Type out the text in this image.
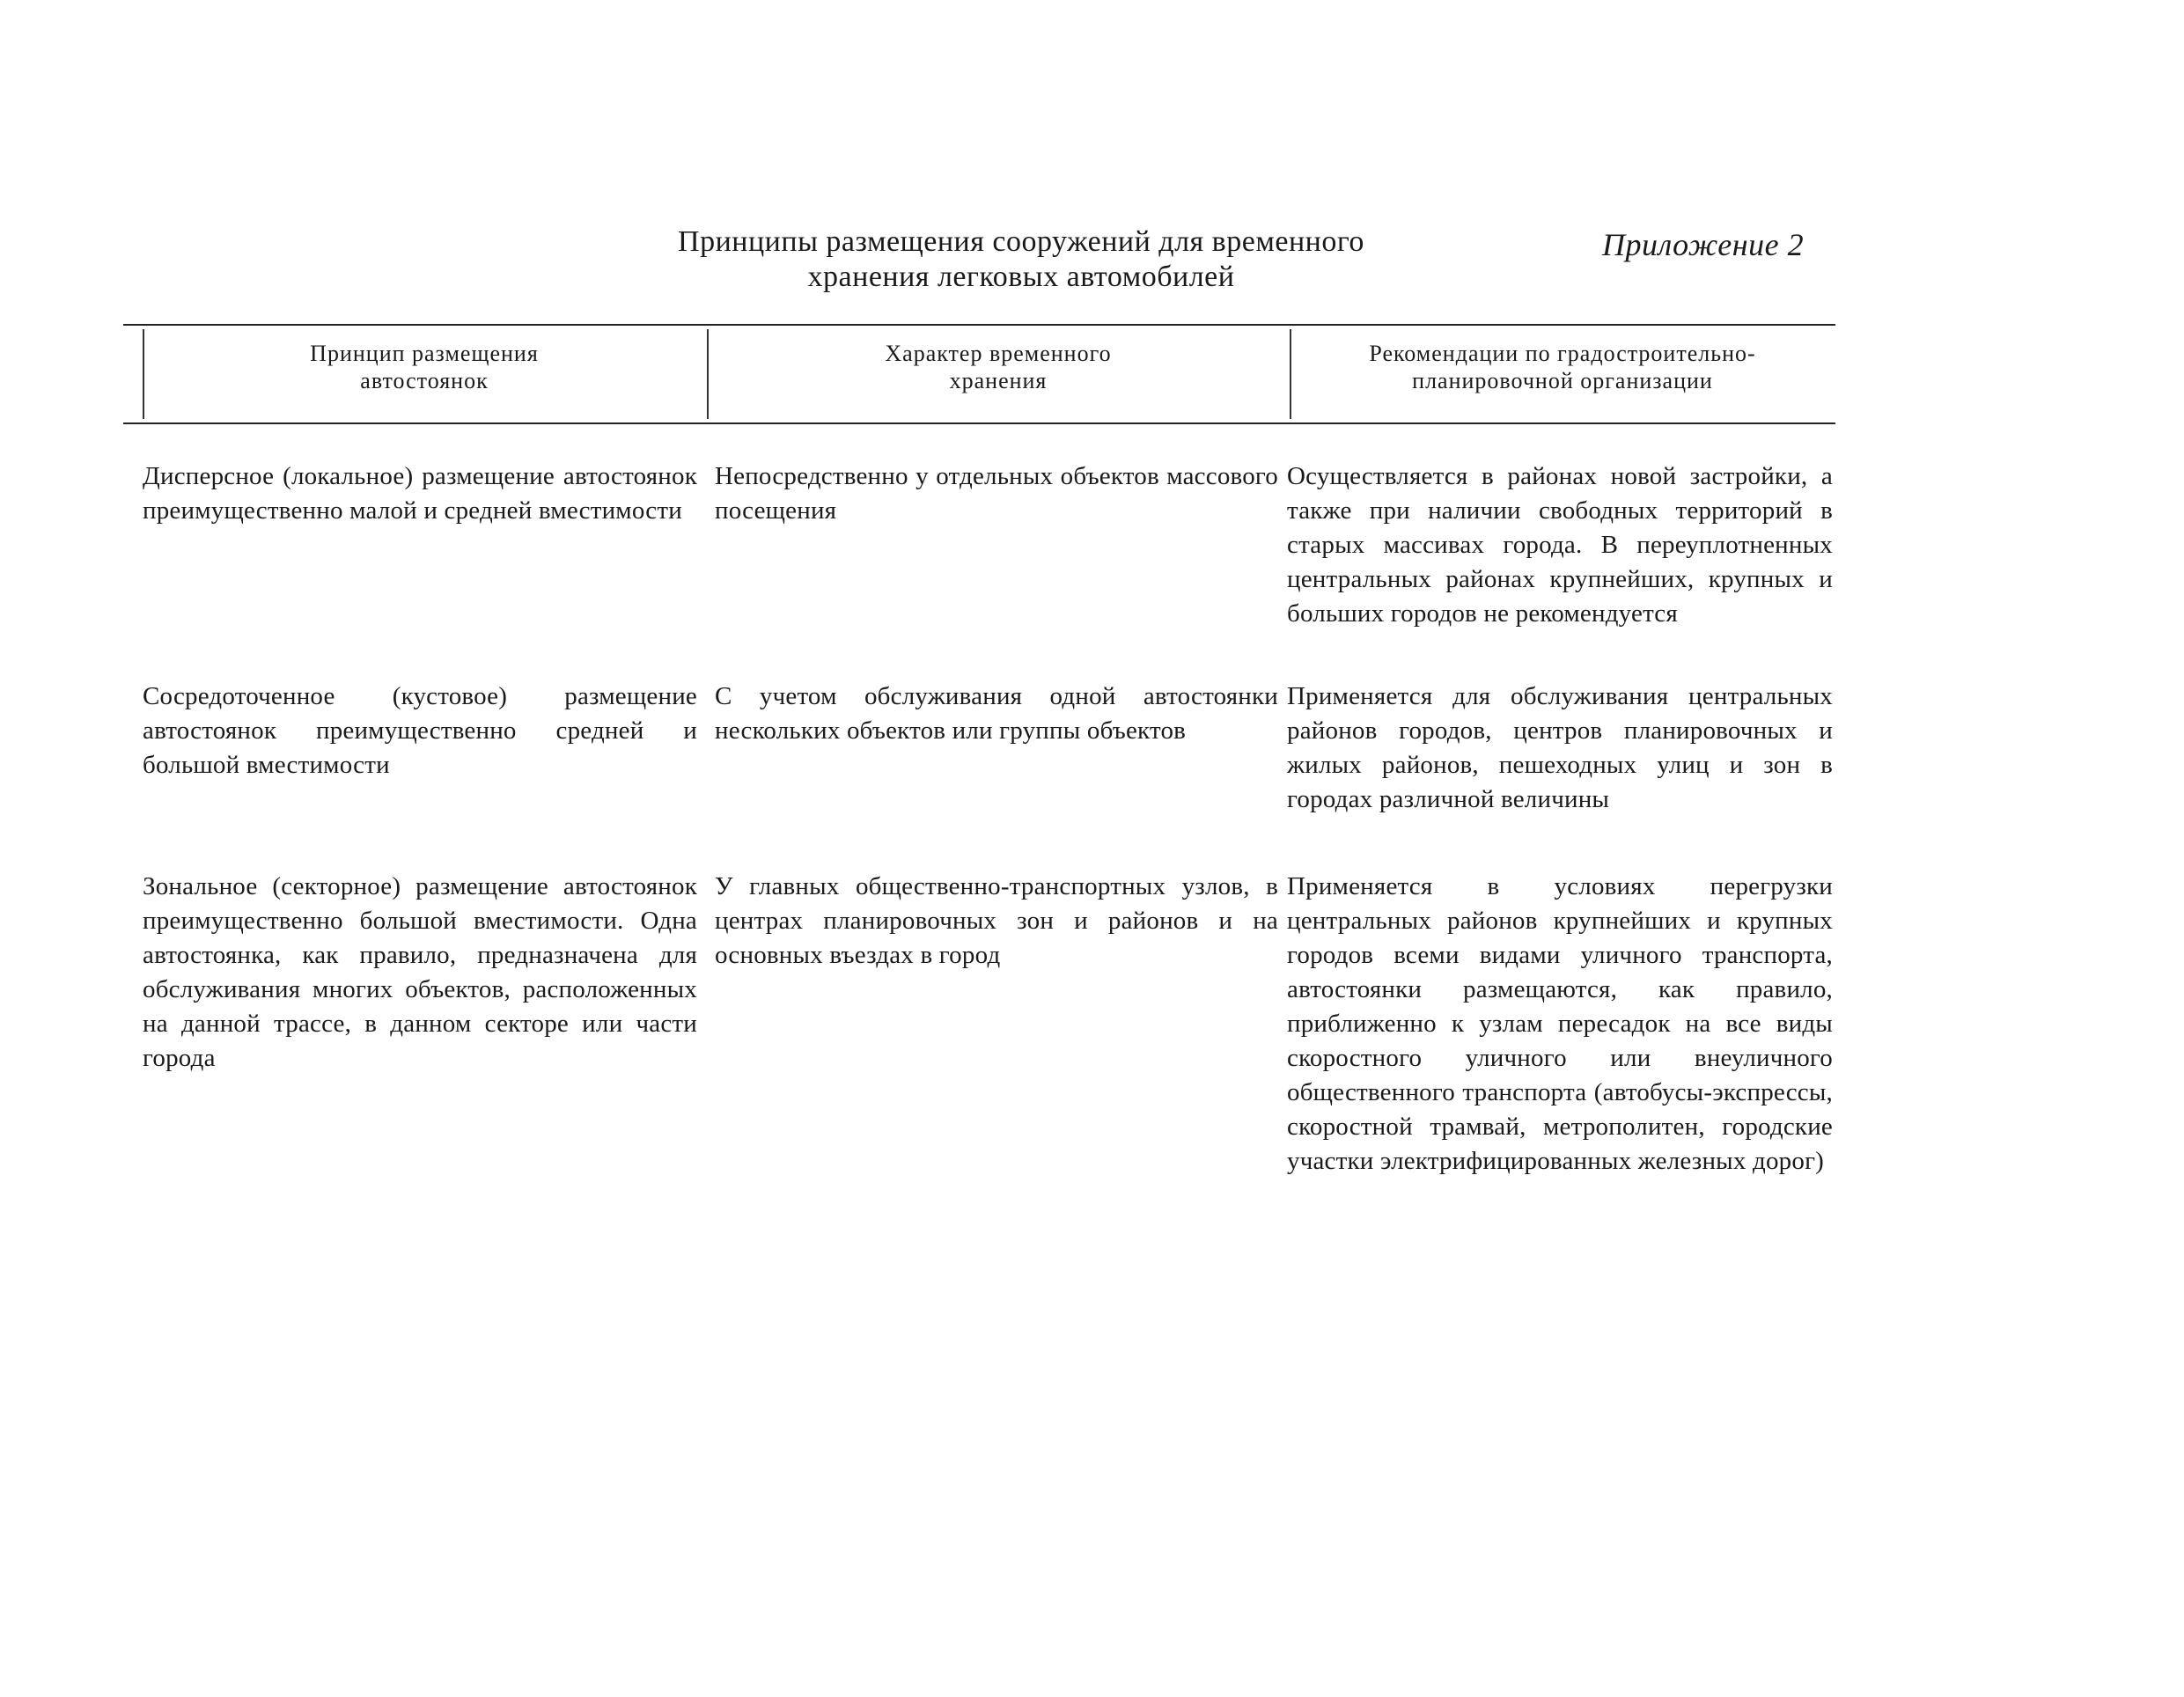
Принципы размещения сооружений для временного
хранения легковых автомобилей
Приложение 2
Принцип размещения
автостоянок
Характер временного
хранения
Рекомендации по градостроительно-
планировочной организации
Дисперсное (локальное) размещение автостоянок преимущественно малой и средней вместимости
Непосредственно у отдельных объектов массового посещения
Осуществляется в районах новой застройки, а также при наличии свободных территорий в старых массивах города. В переуплотненных центральных районах крупнейших, крупных и больших городов не рекомендуется
Сосредоточенное (кустовое) размещение автостоянок преимущественно средней и большой вместимости
С учетом обслуживания одной автостоянки нескольких объектов или группы объектов
Применяется для обслуживания центральных районов городов, центров планировочных и жилых районов, пешеходных улиц и зон в городах различной величины
Зональное (секторное) размещение автостоянок преимущественно большой вместимости. Одна автостоянка, как правило, предназначена для обслуживания многих объектов, расположенных на данной трассе, в данном секторе или части города
У главных общественно-транспортных узлов, в центрах планировочных зон и районов и на основных въездах в город
Применяется в условиях перегрузки центральных районов крупнейших и крупных городов всеми видами уличного транспорта, автостоянки размещаются, как правило, приближенно к узлам пересадок на все виды скоростного уличного или внеуличного общественного транспорта (автобусы-экспрессы, скоростной трамвай, метрополитен, городские участки электрифицированных железных дорог)
